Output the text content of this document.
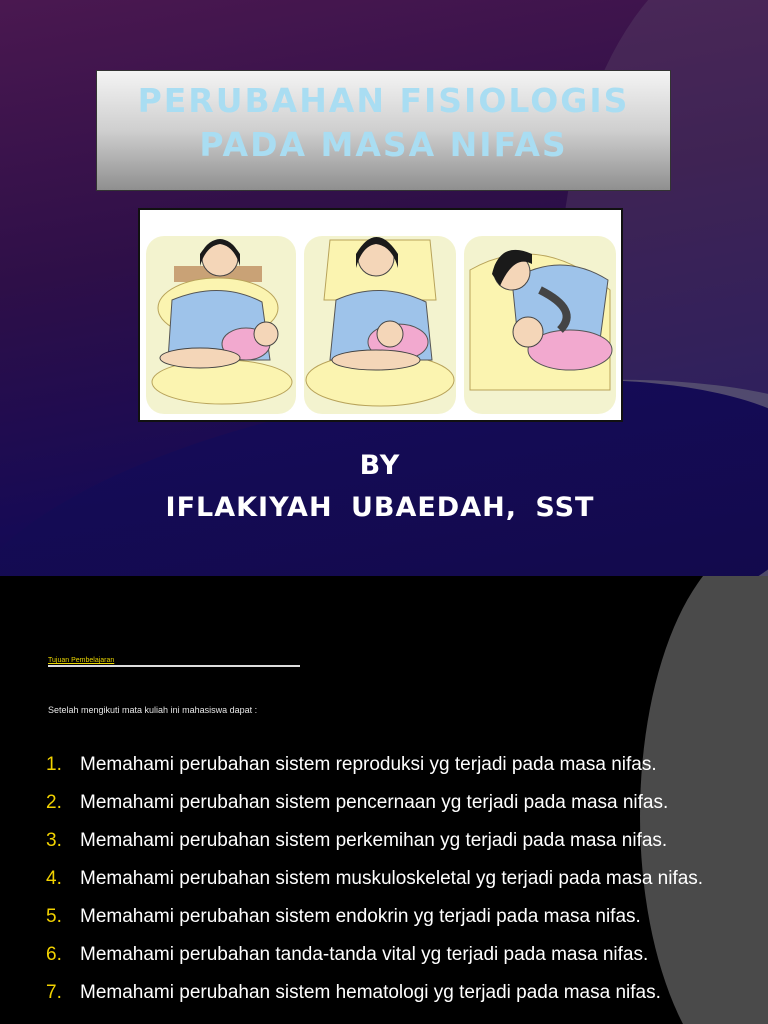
PERUBAHAN FISIOLOGIS
PADA MASA NIFAS
BY
IFLAKIYAH UBAEDAH, SST
Tujuan Pembelajaran
Setelah mengikuti mata kuliah ini mahasiswa dapat :
1. Memahami perubahan sistem reproduksi yg terjadi pada masa nifas.
2. Memahami perubahan sistem pencernaan yg terjadi pada masa nifas.
3. Memahami perubahan sistem perkemihan yg terjadi pada masa nifas.
4. Memahami perubahan sistem muskuloskeletal yg terjadi pada masa nifas.
5. Memahami perubahan sistem endokrin yg terjadi pada masa nifas.
6. Memahami perubahan tanda-tanda vital yg terjadi pada masa nifas.
7. Memahami perubahan sistem hematologi yg terjadi pada masa nifas.
